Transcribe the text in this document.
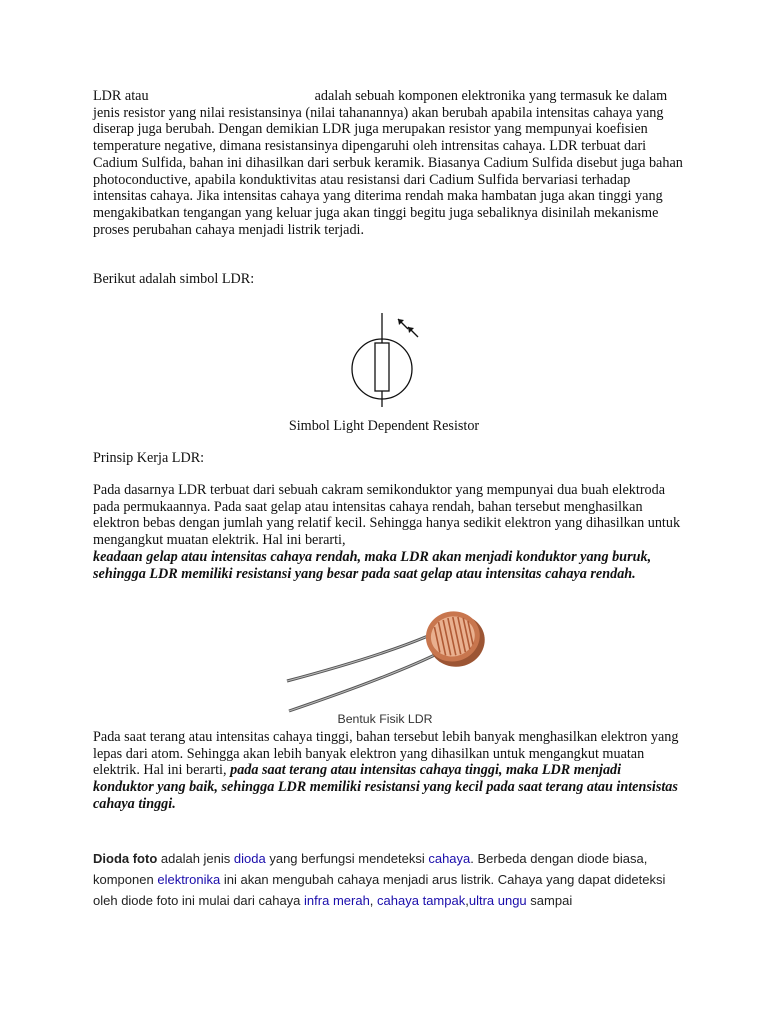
LDR atau	adalah sebuah komponen elektronika yang termasuk ke dalam jenis resistor yang nilai resistansinya (nilai tahanannya) akan berubah apabila intensitas cahaya yang diserap juga berubah. Dengan demikian LDR juga merupakan resistor yang mempunyai koefisien temperature negative, dimana resistansinya dipengaruhi oleh intrensitas cahaya. LDR terbuat dari Cadium Sulfida, bahan ini dihasilkan dari serbuk keramik. Biasanya Cadium Sulfida disebut juga bahan photoconductive, apabila konduktivitas atau resistansi dari Cadium Sulfida bervariasi terhadap intensitas cahaya. Jika intensitas cahaya yang diterima rendah maka hambatan juga akan tinggi yang mengakibatkan tengangan yang keluar juga akan tinggi begitu juga sebaliknya disinilah mekanisme proses perubahan cahaya menjadi listrik terjadi.

Berikut adalah simbol LDR:

Simbol Light Dependent Resistor

Prinsip Kerja LDR:

Pada dasarnya LDR terbuat dari sebuah cakram semikonduktor yang mempunyai dua buah elektroda pada permukaannya. Pada saat gelap atau intensitas cahaya rendah, bahan tersebut menghasilkan elektron bebas dengan jumlah yang relatif kecil. Sehingga hanya sedikit elektron yang dihasilkan untuk mengangkut muatan elektrik. Hal ini berarti,
keadaan gelap atau intensitas cahaya rendah, maka LDR akan menjadi konduktor yang buruk, sehingga LDR memiliki resistansi yang besar pada saat gelap atau intensitas cahaya rendah.

Bentuk Fisik LDR

Pada saat terang atau intensitas cahaya tinggi, bahan tersebut lebih banyak menghasilkan elektron yang lepas dari atom. Sehingga akan lebih banyak elektron yang dihasilkan untuk mengangkut muatan elektrik. Hal ini berarti, pada saat terang atau intensitas cahaya tinggi, maka LDR menjadi konduktor yang baik, sehingga LDR memiliki resistansi yang kecil pada saat terang atau intensistas cahaya tinggi.

Dioda foto adalah jenis dioda yang berfungsi mendeteksi cahaya. Berbeda dengan diode biasa, komponen elektronika ini akan mengubah cahaya menjadi arus listrik. Cahaya yang dapat dideteksi oleh diode foto ini mulai dari cahaya infra merah, cahaya tampak,ultra ungu sampai
